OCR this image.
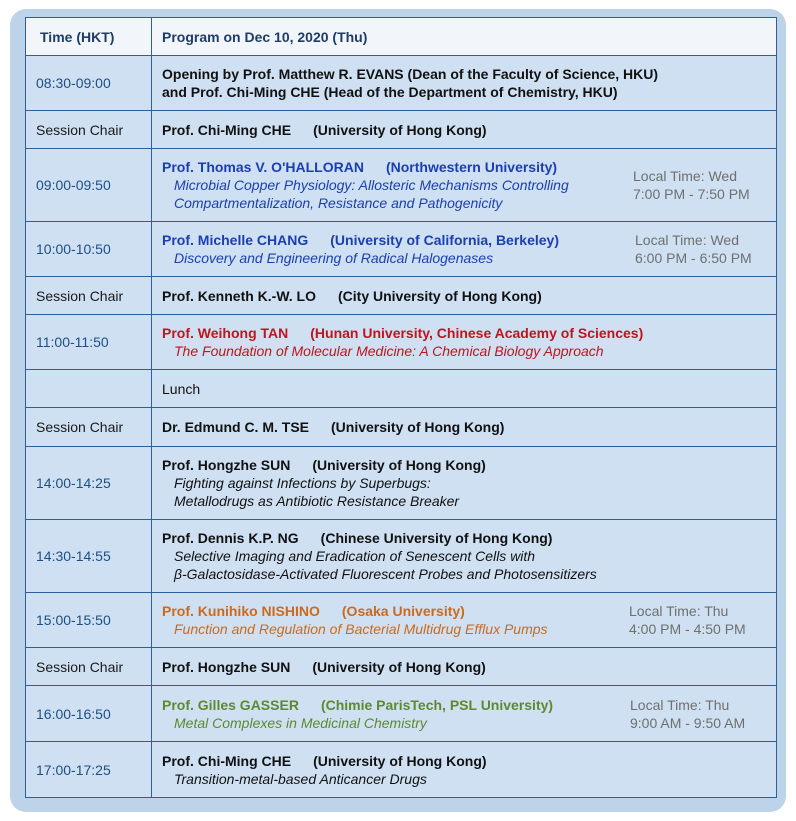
Time (HKT)	Program on Dec 10, 2020 (Thu)
08:30-09:00	Opening by Prof. Matthew R. EVANS (Dean of the Faculty of Science, HKU)
and Prof. Chi-Ming CHE (Head of the Department of Chemistry, HKU)

Session Chair	Prof. Chi-Ming CHE (University of Hong Kong)
09:00-09:50	Prof. Thomas V. O'HALLORAN (Northwestern University)
Microbial Copper Physiology: Allosteric Mechanisms Controlling
Compartmentalization, Resistance and Pathogenicity
Local Time: Wed
7:00 PM - 7:50 PM

10:00-10:50	Prof. Michelle CHANG (University of California, Berkeley)
Discovery and Engineering of Radical Halogenases
Local Time: Wed
6:00 PM - 6:50 PM

Session Chair	Prof. Kenneth K.-W. LO (City University of Hong Kong)
11:00-11:50	Prof. Weihong TAN (Hunan University, Chinese Academy of Sciences)
The Foundation of Molecular Medicine: A Chemical Biology Approach

	Lunch
Session Chair	Dr. Edmund C. M. TSE (University of Hong Kong)
14:00-14:25	Prof. Hongzhe SUN (University of Hong Kong)
Fighting against Infections by Superbugs:
Metallodrugs as Antibiotic Resistance Breaker

14:30-14:55	Prof. Dennis K.P. NG (Chinese University of Hong Kong)
Selective Imaging and Eradication of Senescent Cells with
β-Galactosidase-Activated Fluorescent Probes and Photosensitizers

15:00-15:50	Prof. Kunihiko NISHINO (Osaka University)
Function and Regulation of Bacterial Multidrug Efflux Pumps
Local Time: Thu
4:00 PM - 4:50 PM

Session Chair	Prof. Hongzhe SUN (University of Hong Kong)
16:00-16:50	Prof. Gilles GASSER (Chimie ParisTech, PSL University)
Metal Complexes in Medicinal Chemistry
Local Time: Thu
9:00 AM - 9:50 AM

17:00-17:25	Prof. Chi-Ming CHE (University of Hong Kong)
Transition-metal-based Anticancer Drugs
